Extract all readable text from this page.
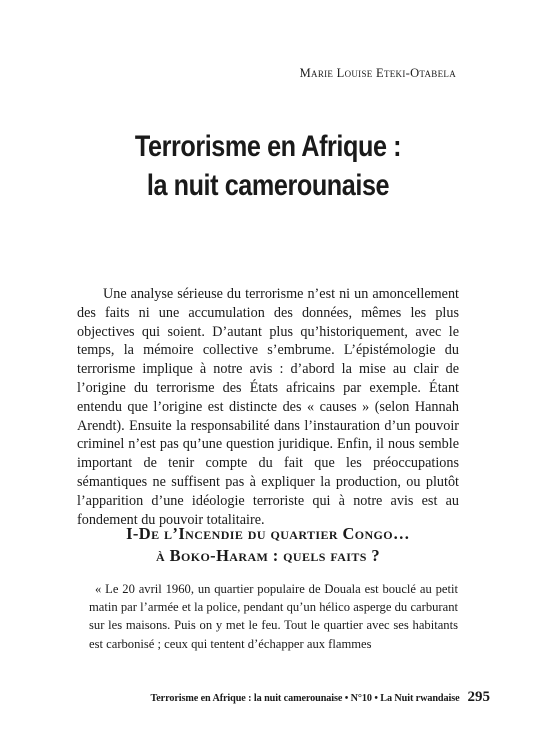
Marie Louise Eteki-Otabela
Terrorisme en Afrique :
la nuit camerounaise

Une analyse sérieuse du terrorisme n’est ni un amoncellement des faits ni une accumulation des données, mêmes les plus objectives qui soient. D’autant plus qu’historiquement, avec le temps, la mémoire collective s’embrume. L’épistémologie du terrorisme implique à notre avis : d’abord la mise au clair de l’origine du terrorisme des États africains par exemple. Étant entendu que l’origine est distincte des « causes » (selon Hannah Arendt). Ensuite la responsabilité dans l’instauration d’un pouvoir criminel n’est pas qu’une question juridique. Enfin, il nous semble important de tenir compte du fait que les préoccupations sémantiques ne suffisent pas à expliquer la production, ou plutôt l’apparition d’une idéologie terroriste qui à notre avis est au fondement du pouvoir totalitaire.

I-De l’Incendie du quartier Congo…
à Boko-Haram : quels faits ?

« Le 20 avril 1960, un quartier populaire de Douala est bouclé au petit matin par l’armée et la police, pendant qu’un hélico asperge du carburant sur les maisons. Puis on y met le feu. Tout le quartier avec ses habitants est carbonisé ; ceux qui tentent d’échapper aux flammes

Terrorisme en Afrique : la nuit camerounaise • N°10 • La Nuit rwandaise 295
